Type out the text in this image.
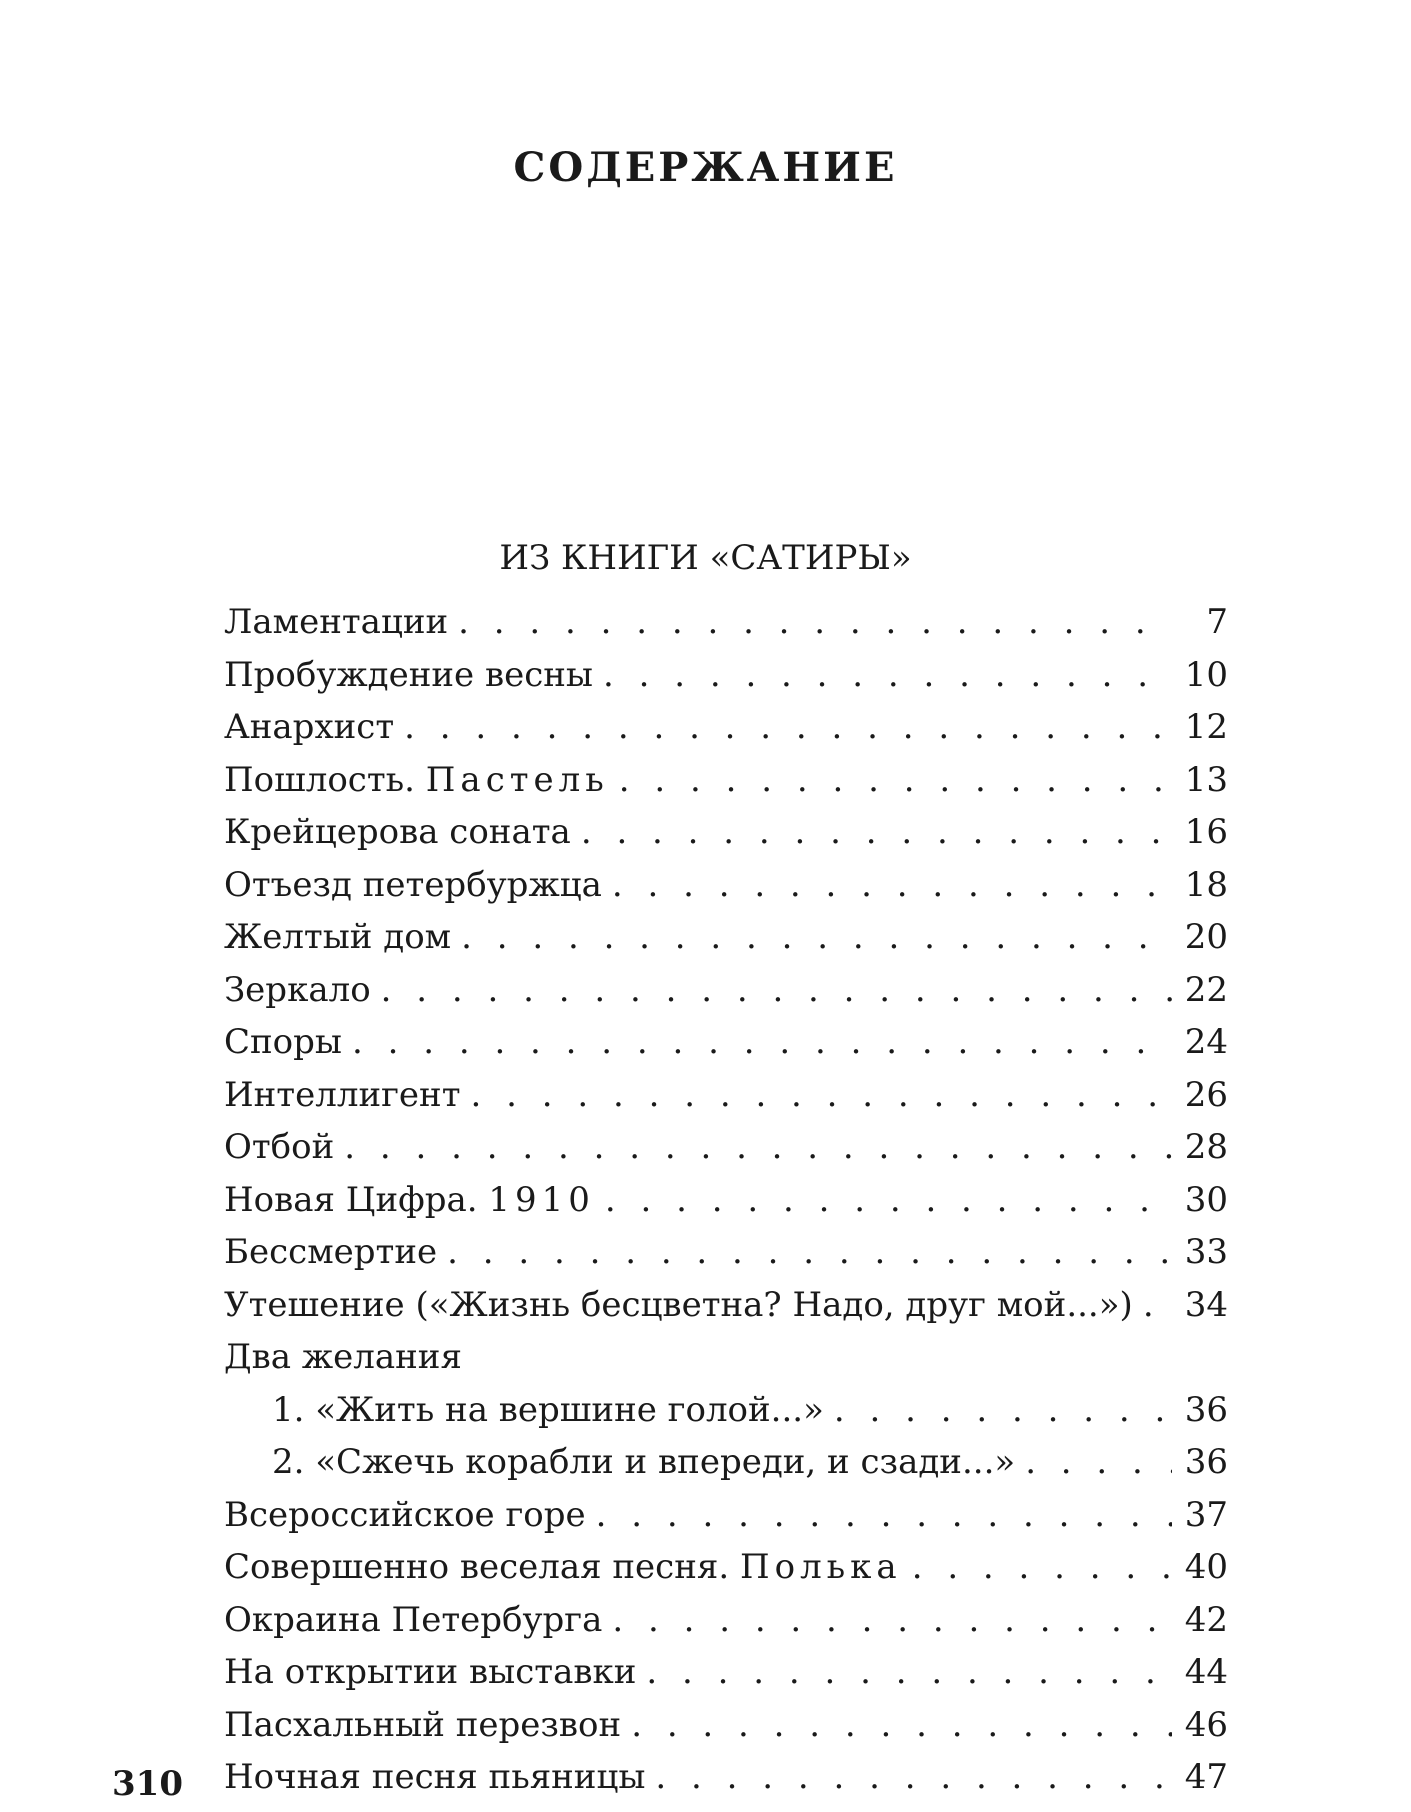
СОДЕРЖАНИЕ
ИЗ КНИГИ «САТИРЫ»
Ламентации . . .	7
Пробуждение весны . . .	10
Анархист . . .	12
Пошлость. Пастель . . .	13
Крейцерова соната . . .	16
Отъезд петербуржца . . .	18
Желтый дом . . .	20
Зеркало . . .	22
Споры . . .	24
Интеллигент . . .	26
Отбой . . .	28
Новая Цифра. 1910 . . .	30
Бессмертие . . .	33
Утешение («Жизнь бесцветна? Надо, друг мой...») . . .	34
Два желания
1. «Жить на вершине голой...» . . .	36
2. «Сжечь корабли и впереди, и сзади...» . . .	36
Всероссийское горе . . .	37
Совершенно веселая песня. Полька . . .	40
Окраина Петербурга . . .	42
На открытии выставки . . .	44
Пасхальный перезвон . . .	46
Ночная песня пьяницы . . .	47
310
